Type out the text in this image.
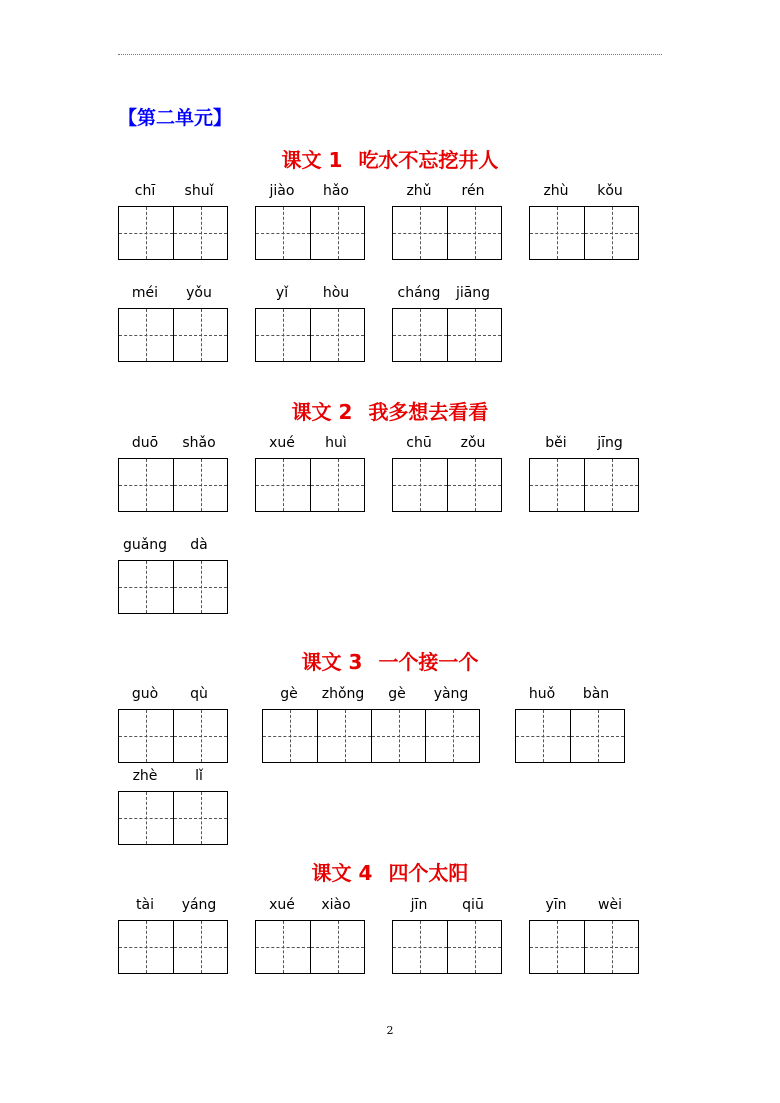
【第二单元】
课文 1 吃水不忘挖井人
chī	shuǐ	jiào	hǎo	zhǔ	rén	zhù	kǒu
méi	yǒu	yǐ	hòu	cháng	jiāng
课文 2 我多想去看看
duō	shǎo	xué	huì	chū	zǒu	běi	jīng
guǎng	dà
课文 3 一个接一个
guò	qù	gè	zhǒng	gè	yàng	huǒ	bàn
zhè	lǐ
课文 4 四个太阳
tài	yáng	xué	xiào	jīn	qiū	yīn	wèi
2
